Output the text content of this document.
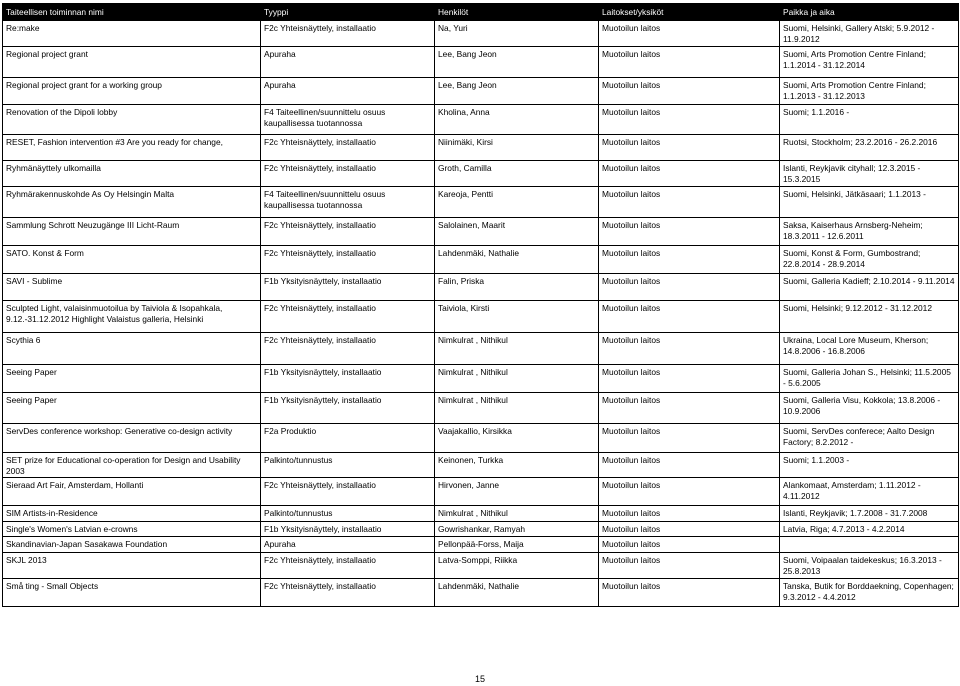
Taiteellisen toiminnan nimi	Tyyppi	Henkilöt	Laitokset/yksiköt	Paikka ja aika
Re:make	F2c Yhteisnäyttely, installaatio	Na, Yuri	Muotoilun laitos	Suomi, Helsinki, Gallery Atski; 5.9.2012 - 11.9.2012
Regional project grant	Apuraha	Lee, Bang Jeon	Muotoilun laitos	Suomi, Arts Promotion Centre Finland; 1.1.2014 - 31.12.2014
Regional project grant for a working group	Apuraha	Lee, Bang Jeon	Muotoilun laitos	Suomi, Arts Promotion Centre Finland; 1.1.2013 - 31.12.2013
Renovation of the Dipoli lobby	F4 Taiteellinen/suunnittelu osuus kaupallisessa tuotannossa	Kholina, Anna	Muotoilun laitos	Suomi; 1.1.2016 -
RESET, Fashion intervention #3 Are you ready for change,	F2c Yhteisnäyttely, installaatio	Niinimäki, Kirsi	Muotoilun laitos	Ruotsi, Stockholm; 23.2.2016 - 26.2.2016
Ryhmänäyttely ulkomailla	F2c Yhteisnäyttely, installaatio	Groth, Camilla	Muotoilun laitos	Islanti, Reykjavik cityhall; 12.3.2015 - 15.3.2015
Ryhmärakennuskohde As Oy Helsingin Malta	F4 Taiteellinen/suunnittelu osuus kaupallisessa tuotannossa	Kareoja, Pentti	Muotoilun laitos	Suomi, Helsinki, Jätkäsaari; 1.1.2013 -
Sammlung Schrott Neuzugänge III Licht-Raum	F2c Yhteisnäyttely, installaatio	Salolainen, Maarit	Muotoilun laitos	Saksa, Kaiserhaus Arnsberg-Neheim; 18.3.2011 - 12.6.2011
SATO. Konst & Form	F2c Yhteisnäyttely, installaatio	Lahdenmäki, Nathalie	Muotoilun laitos	Suomi, Konst & Form, Gumbostrand; 22.8.2014 - 28.9.2014
SAVI - Sublime	F1b Yksityisnäyttely, installaatio	Falin, Priska	Muotoilun laitos	Suomi, Galleria Kadieff; 2.10.2014 - 9.11.2014
Sculpted Light, valaisinmuotoilua by Taiviola & Isopahkala, 9.12.-31.12.2012 Highlight Valaistus galleria, Helsinki	F2c Yhteisnäyttely, installaatio	Taiviola, Kirsti	Muotoilun laitos	Suomi, Helsinki; 9.12.2012 - 31.12.2012
Scythia 6	F2c Yhteisnäyttely, installaatio	Nimkulrat , Nithikul	Muotoilun laitos	Ukraina, Local Lore Museum, Kherson; 14.8.2006 - 16.8.2006
Seeing Paper	F1b Yksityisnäyttely, installaatio	Nimkulrat , Nithikul	Muotoilun laitos	Suomi, Galleria Johan S., Helsinki; 11.5.2005 - 5.6.2005
Seeing Paper	F1b Yksityisnäyttely, installaatio	Nimkulrat , Nithikul	Muotoilun laitos	Suomi, Galleria Visu, Kokkola; 13.8.2006 - 10.9.2006
ServDes conference workshop: Generative co-design activity	F2a Produktio	Vaajakallio, Kirsikka	Muotoilun laitos	Suomi, ServDes conferece; Aalto Design Factory; 8.2.2012 -
SET prize for Educational co-operation for Design and Usability 2003	Palkinto/tunnustus	Keinonen, Turkka	Muotoilun laitos	Suomi; 1.1.2003 -
Sieraad Art Fair, Amsterdam, Hollanti	F2c Yhteisnäyttely, installaatio	Hirvonen, Janne	Muotoilun laitos	Alankomaat, Amsterdam; 1.11.2012 - 4.11.2012
SIM Artists-in-Residence	Palkinto/tunnustus	Nimkulrat , Nithikul	Muotoilun laitos	Islanti, Reykjavik; 1.7.2008 - 31.7.2008
Single's Women's Latvian e-crowns	F1b Yksityisnäyttely, installaatio	Gowrishankar, Ramyah	Muotoilun laitos	Latvia, Riga; 4.7.2013 - 4.2.2014
Skandinavian-Japan Sasakawa Foundation	Apuraha	Pellonpää-Forss, Maija	Muotoilun laitos	
SKJL 2013	F2c Yhteisnäyttely, installaatio	Latva-Somppi, Riikka	Muotoilun laitos	Suomi, Voipaalan taidekeskus; 16.3.2013 - 25.8.2013
Små ting - Small Objects	F2c Yhteisnäyttely, installaatio	Lahdenmäki, Nathalie	Muotoilun laitos	Tanska, Butik for Borddaekning, Copenhagen; 9.3.2012 - 4.4.2012
15
